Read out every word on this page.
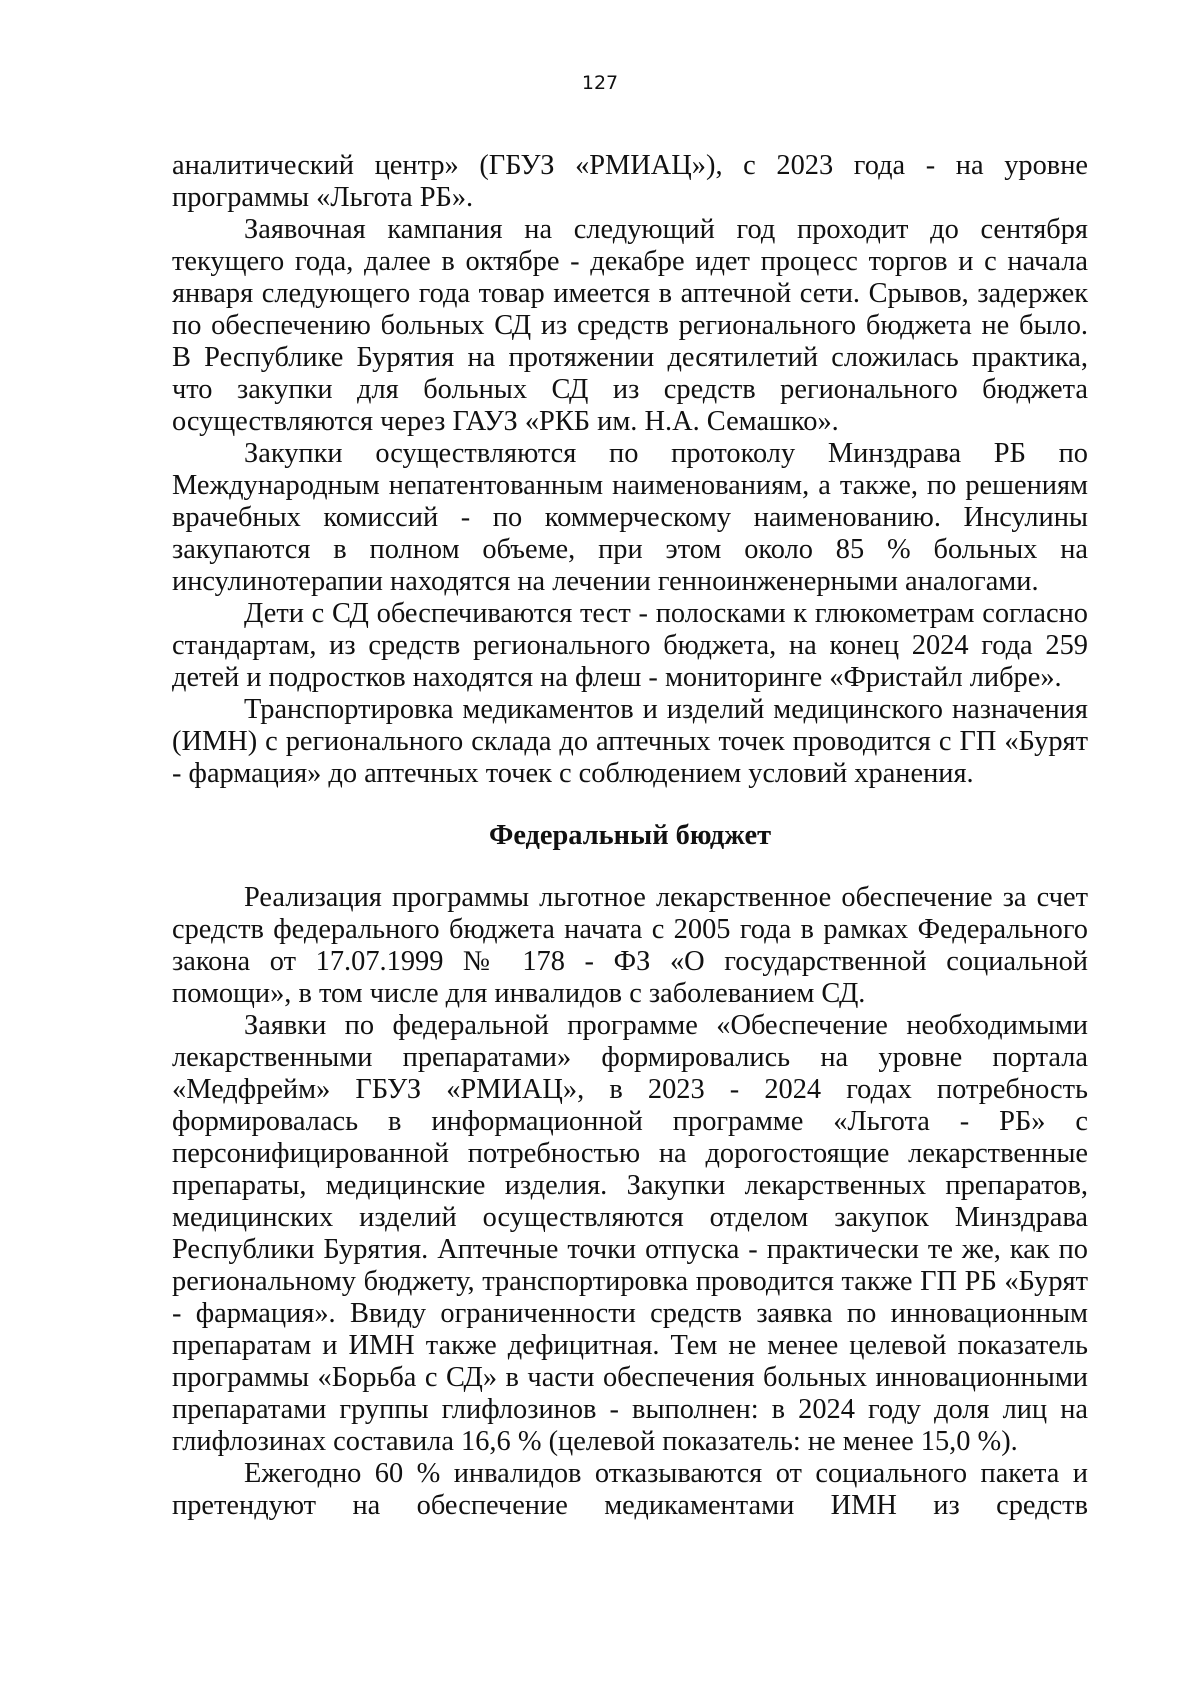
127

аналитический центр» (ГБУЗ «РМИАЦ»), с 2023 года - на уровне программы «Льгота РБ».

Заявочная кампания на следующий год проходит до сентября текущего года, далее в октябре - декабре идет процесс торгов и с начала января следующего года товар имеется в аптечной сети. Срывов, задержек по обеспечению больных СД из средств регионального бюджета не было. В Республике Бурятия на протяжении десятилетий сложилась практика, что закупки для больных СД из средств регионального бюджета осуществляются через ГАУЗ «РКБ им. Н.А. Семашко».

Закупки осуществляются по протоколу Минздрава РБ по Международным непатентованным наименованиям, а также, по решениям врачебных комиссий - по коммерческому наименованию. Инсулины закупаются в полном объеме, при этом около 85 % больных на инсулинотерапии находятся на лечении генноинженерными аналогами.

Дети с СД обеспечиваются тест - полосками к глюкометрам согласно стандартам, из средств регионального бюджета, на конец 2024 года 259 детей и подростков находятся на флеш - мониторинге «Фристайл либре».

Транспортировка медикаментов и изделий медицинского назначения (ИМН) с регионального склада до аптечных точек проводится с ГП «Бурят - фармация» до аптечных точек с соблюдением условий хранения.

Федеральный бюджет

Реализация программы льготное лекарственное обеспечение за счет средств федерального бюджета начата с 2005 года в рамках Федерального закона от 17.07.1999 № 178 - ФЗ «О государственной социальной помощи», в том числе для инвалидов с заболеванием СД.

Заявки по федеральной программе «Обеспечение необходимыми лекарственными препаратами» формировались на уровне портала «Медфрейм» ГБУЗ «РМИАЦ», в 2023 - 2024 годах потребность формировалась в информационной программе «Льгота - РБ» с персонифицированной потребностью на дорогостоящие лекарственные препараты, медицинские изделия. Закупки лекарственных препаратов, медицинских изделий осуществляются отделом закупок Минздрава Республики Бурятия. Аптечные точки отпуска - практически те же, как по региональному бюджету, транспортировка проводится также ГП РБ «Бурят - фармация». Ввиду ограниченности средств заявка по инновационным препаратам и ИМН также дефицитная. Тем не менее целевой показатель программы «Борьба с СД» в части обеспечения больных инновационными препаратами группы глифлозинов - выполнен: в 2024 году доля лиц на глифлозинах составила 16,6 % (целевой показатель: не менее 15,0 %).

Ежегодно 60 % инвалидов отказываются от социального пакета и претендуют на обеспечение медикаментами ИМН из средств
